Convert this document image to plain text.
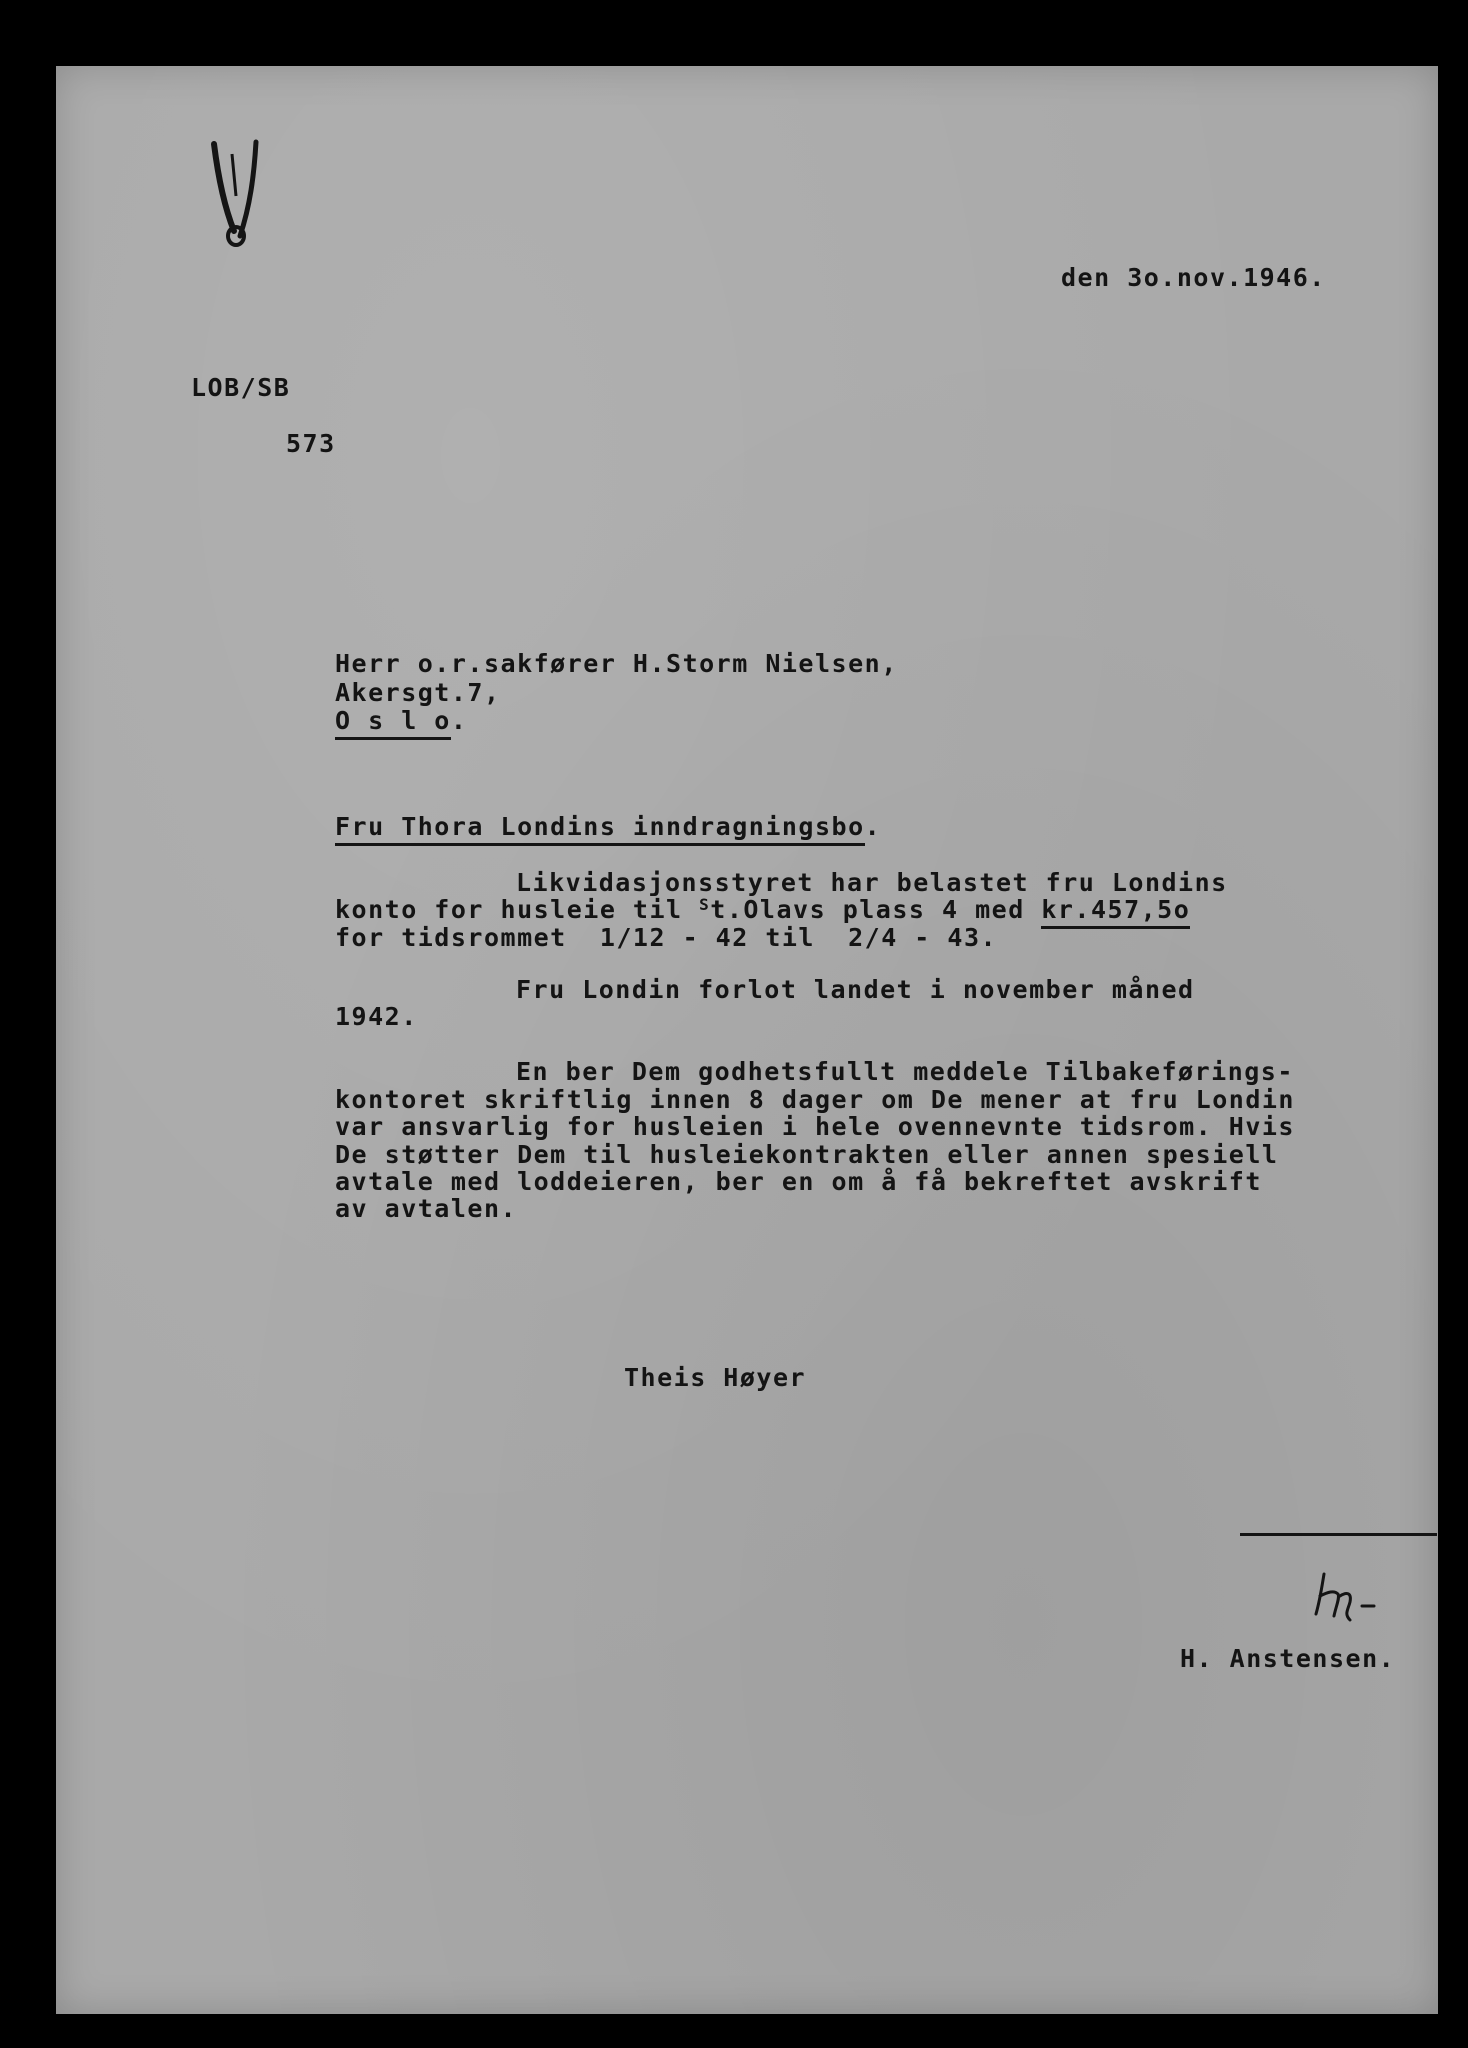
den 3o.nov.1946.
LOB/SB
573
Herr o.r.sakfører H.Storm Nielsen,
Akersgt.7,
O s l o.
Fru Thora Londins inndragningsbo.
Likvidasjonsstyret har belastet fru Londins
konto for husleie til $^S$t.Olavs plass 4 med kr.457,5o
for tidsrommet  1/12 - 42 til  2/4 - 43.
Fru Londin forlot landet i november måned
1942.
En ber Dem godhetsfullt meddele Tilbakeførings-
kontoret skriftlig innen 8 dager om De mener at fru Londin
var ansvarlig for husleien i hele ovennevnte tidsrom. Hvis
De støtter Dem til husleiekontrakten eller annen spesiell
avtale med loddeieren, ber en om å få bekreftet avskrift
av avtalen.
Theis Høyer
H. Anstensen.
